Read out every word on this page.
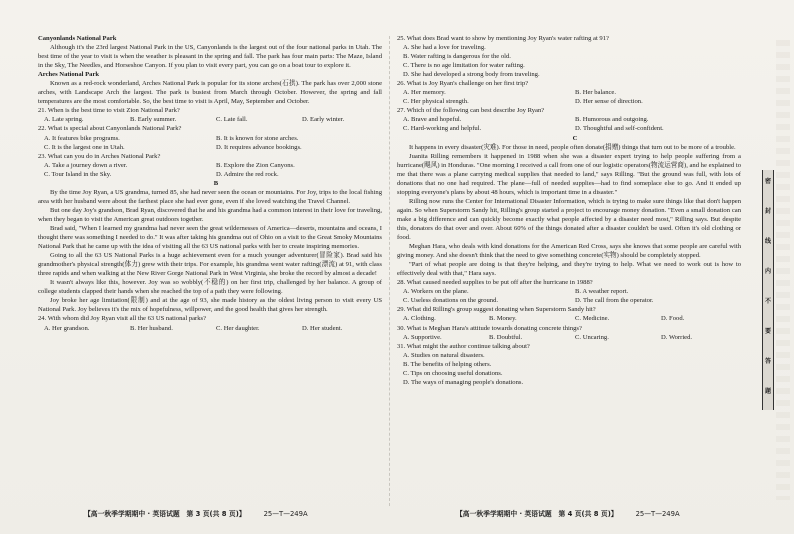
Canyonlands National Park

Although it's the 23rd largest National Park in the US, Canyonlands is the largest out of the four national parks in Utah. The best time of the year to visit is when the weather is pleasant in the spring and fall. The park has four main parts: The Maze, Island in the Sky, The Needles, and Horseshoe Canyon. If you plan to visit every part, you can go on a boat tour to explore it.

Arches National Park

Known as a red-rock wonderland, Arches National Park is popular for its stone arches(石拱). The park has over 2,000 stone arches, with Landscape Arch the largest. The park is busiest from March through October. However, the spring and fall temperatures are the most comfortable. So, the best time to visit is April, May, September and October.

21. When is the best time to visit Zion National Park?
A. Late spring.	B. Early summer.	C. Late fall.	D. Early winter.
22. What is special about Canyonlands National Park?
A. It features bike programs.	B. It is known for stone arches.
C. It is the largest one in Utah.	D. It requires advance bookings.
23. What can you do in Arches National Park?
A. Take a journey down a river.	B. Explore the Zion Canyons.
C. Tour Island in the Sky.	D. Admire the red rock.

B

By the time Joy Ryan, a US grandma, turned 85, she had never seen the ocean or mountains. For Joy, trips to the local fishing area with her husband were about the farthest place she had ever gone, even if she loved watching the Travel Channel.

But one day Joy's grandson, Brad Ryan, discovered that he and his grandma had a common interest in their love for traveling, when they began to visit the American great outdoors together.

Brad said, "When I learned my grandma had never seen the great wildernesses of America—deserts, mountains and oceans, I thought there was something I needed to do." It was after taking his grandma out of Ohio on a visit to the Great Smoky Mountains National Park that he came up with the idea of visiting all the 63 US national parks with her to create inspiring memories.

Going to all the 63 US National Parks is a huge achievement even for a much younger adventurer(冒险家). Brad said his grandmother's physical strength(体力) grew with their trips. For example, his grandma went water rafting(漂流) at 91, with class three rapids and when walking at the New River Gorge National Park in West Virginia, she broke the record by almost a decade!

It wasn't always like this, however. Joy was so wobbly(不稳的) on her first trip, challenged by her balance. A group of college students clapped their hands when she reached the top of a path they were following.

Joy broke her age limitation(限制) and at the age of 93, she made history as the oldest living person to visit every US National Park. Joy believes it's the mix of hopefulness, willpower, and the good health that gives her strength.

24. With whom did Joy Ryan visit all the 63 US national parks?
A. Her grandson.	B. Her husband.	C. Her daughter.	D. Her student.
25. What does Brad want to show by mentioning Joy Ryan's water rafting at 91?
A. She had a love for traveling.
B. Water rafting is dangerous for the old.
C. There is no age limitation for water rafting.
D. She had developed a strong body from traveling.
26. What is Joy Ryan's challenge on her first trip?
A. Her memory.	B. Her balance.
C. Her physical strength.	D. Her sense of direction.
27. Which of the following can best describe Joy Ryan?
A. Brave and hopeful.	B. Humorous and outgoing.
C. Hard-working and helpful.	D. Thoughtful and self-confident.

C

It happens in every disaster(灾难). For those in need, people often donate(捐赠) things that turn out to be more of a trouble.

Juanita Rilling remembers it happened in 1988 when she was a disaster expert trying to help people suffering from a hurricane(飓风) in Honduras. "One morning I received a call from one of our logistic operators(物流运营商), and he explained to me that there was a plane carrying medical supplies that needed to land," says Rilling. "But the ground was full, with lots of donations that no one had required. The plane—full of needed supplies—had to find someplace else to go. And it ended up stopping everyone's plans by about 48 hours, which is important time in a disaster."

Rilling now runs the Center for International Disaster Information, which is trying to make sure things like that don't happen again. So when Superstorm Sandy hit, Rilling's group started a project to encourage money donation. "Even a small donation can make a big difference and can quickly become exactly what people affected by a disaster need most," Rilling says. But despite this, donators do that over and over. About 60% of the things donated after a disaster couldn't be used. Often it's old clothing or food.

Meghan Hara, who deals with kind donations for the American Red Cross, says she knows that some people are careful with giving money. And she doesn't think that the need to give something concrete(实物) should be completely stopped.

"Part of what people are doing is that they're helping, and they're trying to help. What we need to work out is how to effectively deal with that," Hara says.

28. What caused needed supplies to be put off after the hurricane in 1988?
A. Workers on the plane.	B. A weather report.
C. Useless donations on the ground.	D. The call from the operator.
29. What did Rilling's group suggest donating when Superstorm Sandy hit?
A. Clothing.	B. Money.	C. Medicine.	D. Food.
30. What is Meghan Hara's attitude towards donating concrete things?
A. Supportive.	B. Doubtful.	C. Uncaring.	D. Worried.
31. What might the author continue talking about?
A. Studies on natural disasters.
B. The benefits of helping others.
C. Tips on choosing useful donations.
D. The ways of managing people's donations.
【高一秋季学期期中 · 英语试题　第 3 页(共 8 页)】	25—T—249A	【高一秋季学期期中 · 英语试题　第 4 页(共 8 页)】	25—T—249A
密
封
线
内
不
要
答
题
